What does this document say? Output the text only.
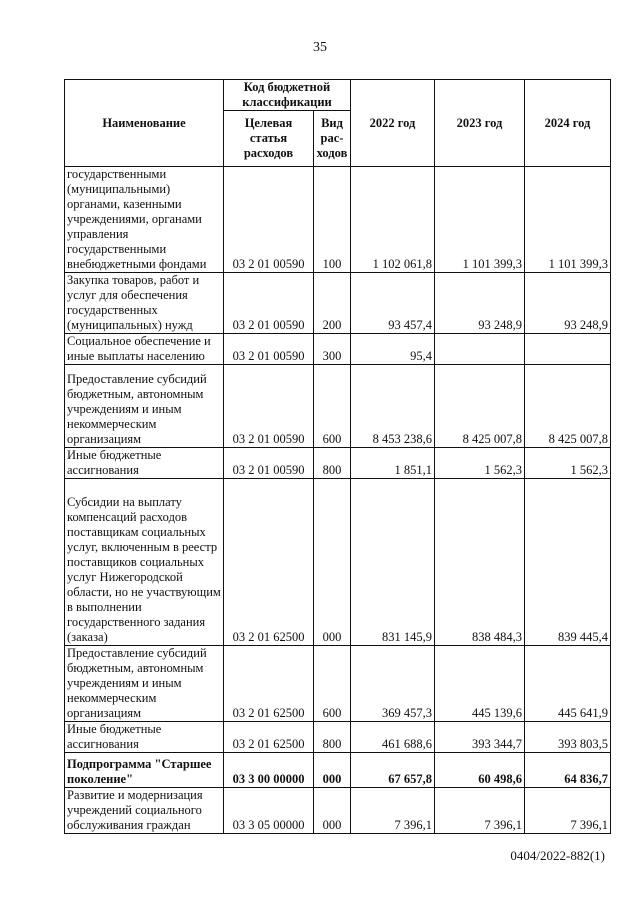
35
Наименование	Код бюджетной классификации		2022 год	2023 год	2024 год
	Целевая статья расходов	Вид рас-ходов			
государственными (муниципальными) органами, казенными учреждениями, органами управления государственными внебюджетными фондами	03 2 01 00590	100	1 102 061,8	1 101 399,3	1 101 399,3
Закупка товаров, работ и услуг для обеспечения государственных (муниципальных) нужд	03 2 01 00590	200	93 457,4	93 248,9	93 248,9
Социальное обеспечение и иные выплаты населению	03 2 01 00590	300	95,4		
Предоставление субсидий бюджетным, автономным учреждениям и иным некоммерческим организациям	03 2 01 00590	600	8 453 238,6	8 425 007,8	8 425 007,8
Иные бюджетные ассигнования	03 2 01 00590	800	1 851,1	1 562,3	1 562,3
Субсидии на выплату компенсаций расходов поставщикам социальных услуг, включенным в реестр поставщиков социальных услуг Нижегородской области, но не участвующим в выполнении государственного задания (заказа)	03 2 01 62500	000	831 145,9	838 484,3	839 445,4
Предоставление субсидий бюджетным, автономным учреждениям и иным некоммерческим организациям	03 2 01 62500	600	369 457,3	445 139,6	445 641,9
Иные бюджетные ассигнования	03 2 01 62500	800	461 688,6	393 344,7	393 803,5
Подпрограмма "Старшее поколение"	03 3 00 00000	000	67 657,8	60 498,6	64 836,7
Развитие и модернизация учреждений социального обслуживания граждан	03 3 05 00000	000	7 396,1	7 396,1	7 396,1
0404/2022-882(1)
